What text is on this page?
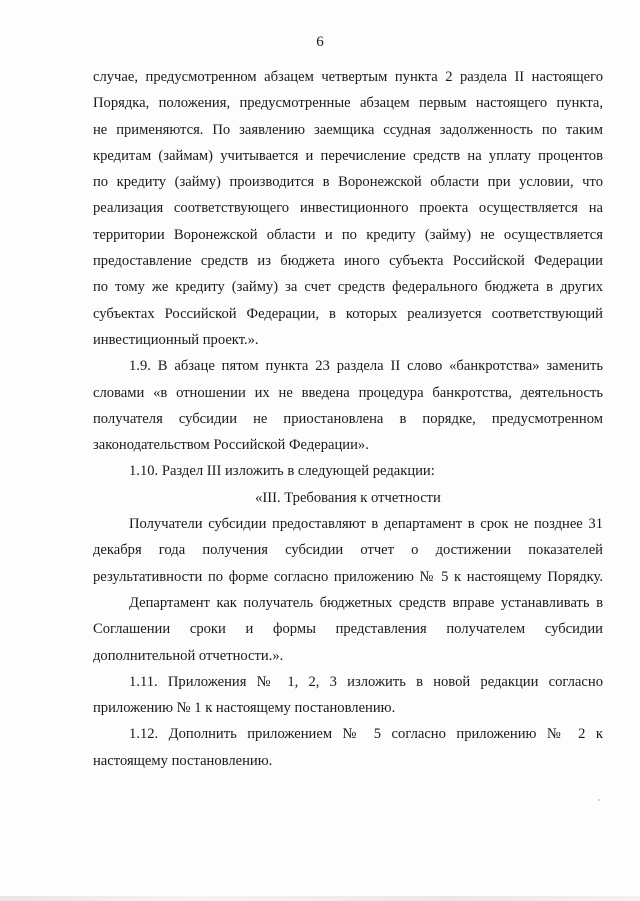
6
случае, предусмотренном абзацем четвертым пункта 2 раздела II настоящего
Порядка, положения, предусмотренные абзацем первым настоящего пункта,
не применяются. По заявлению заемщика ссудная задолженность по таким
кредитам (займам) учитывается и перечисление средств на уплату процентов
по кредиту (займу) производится в Воронежской области при условии, что
реализация соответствующего инвестиционного проекта осуществляется на
территории Воронежской области и по кредиту (займу) не осуществляется
предоставление средств из бюджета иного субъекта Российской Федерации
по тому же кредиту (займу) за счет средств федерального бюджета в других
субъектах Российской Федерации, в которых реализуется соответствующий
инвестиционный проект.».
1.9. В абзаце пятом пункта 23 раздела II слово «банкротства» заменить
словами «в отношении их не введена процедура банкротства, деятельность
получателя субсидии не приостановлена в порядке, предусмотренном
законодательством Российской Федерации».
1.10. Раздел III изложить в следующей редакции:
«III. Требования к отчетности
Получатели субсидии предоставляют в департамент в срок не позднее 31
декабря года получения субсидии отчет о достижении показателей
результативности по форме согласно приложению № 5 к настоящему Порядку.
Департамент как получатель бюджетных средств вправе устанавливать в
Соглашении сроки и формы представления получателем субсидии
дополнительной отчетности.».
1.11. Приложения № 1, 2, 3 изложить в новой редакции согласно
приложению № 1 к настоящему постановлению.
1.12. Дополнить приложением № 5 согласно приложению № 2 к
настоящему постановлению.
